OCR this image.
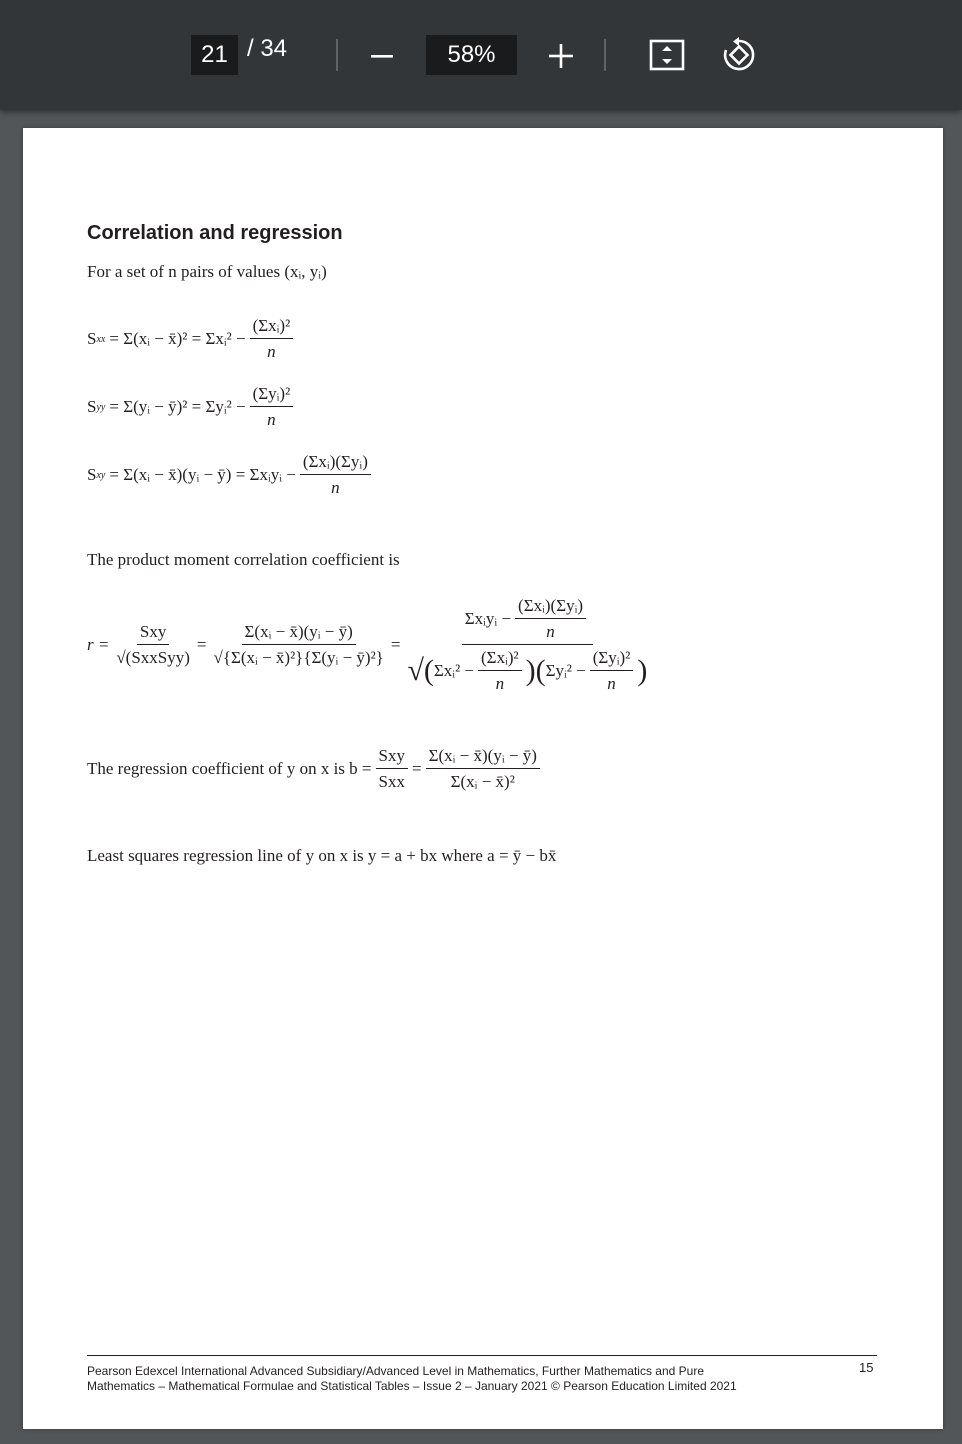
21 / 34	58%
Correlation and regression
For a set of n pairs of values (xᵢ, yᵢ)
S xx = Σ(xᵢ − x̄)² = Σxᵢ² − $\frac{\text{(Σxᵢ)²}}{n}$
S yy = Σ(yᵢ − ȳ)² = Σyᵢ² − $\frac{\text{(Σyᵢ)²}}{n}$
S xy = Σ(xᵢ − x̄)(yᵢ − ȳ) = Σxᵢyᵢ − $\frac{\text{(Σxᵢ)(Σyᵢ)}}{n}$
The product moment correlation coefficient is
$r = \frac{\text{Sxy}}{\text{√(SxxSyy)}} = \frac{\text{Σ(xᵢ − x̄)(yᵢ − ȳ)}}{\text{√\{Σ(xᵢ − x̄)²\}\{Σ(yᵢ − ȳ)²\}}}$ =
Σxᵢyᵢ − $\frac{\text{(Σxᵢ)(Σyᵢ)}}{n}$
√( Σxᵢ² − $\frac{\text{(Σxᵢ)²}}{n}$ )( Σyᵢ² − $\frac{\text{(Σyᵢ)²}}{n}$ )
The regression coefficient of y on x is $b = \frac{\text{Sxy}}{\text{Sxx}} = \frac{\text{Σ(xᵢ − x̄)(yᵢ − ȳ)}}{\text{Σ(xᵢ − x̄)²}}$
Least squares regression line of y on x is y = a + bx where a = ȳ − bx̄
Pearson Edexcel International Advanced Subsidiary/Advanced Level in Mathematics, Further Mathematics and Pure
Mathematics – Mathematical Formulae and Statistical Tables – Issue 2 – January 2021 © Pearson Education Limited 2021
15
